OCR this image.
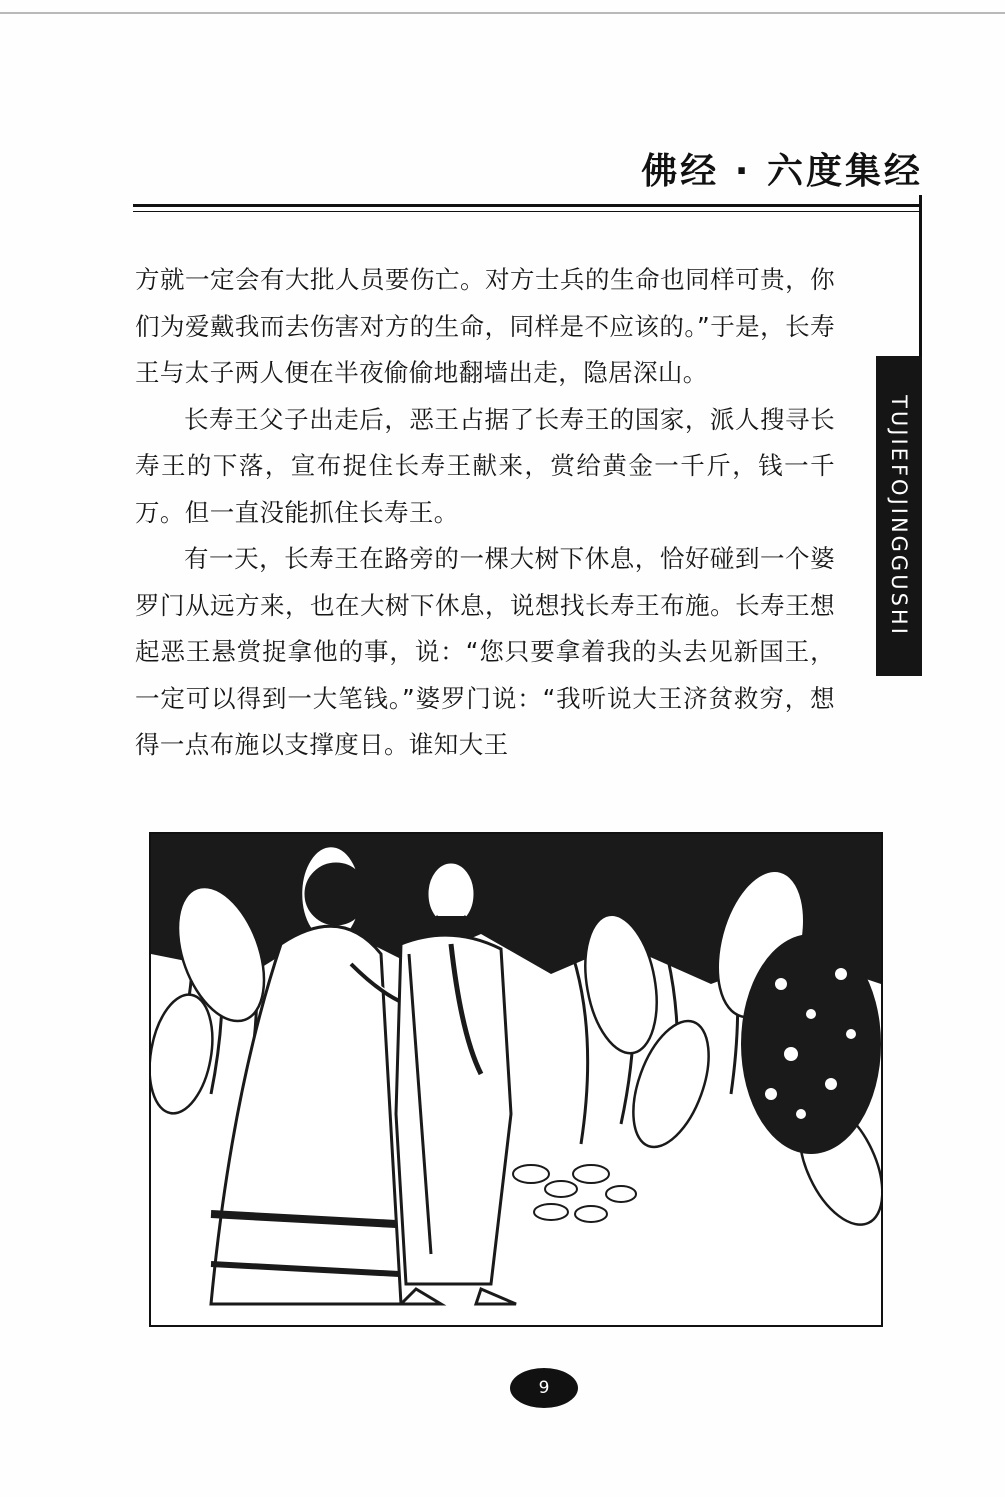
佛经 · 六度集经
TUJIEFOJINGGUSHI

方就一定会有大批人员要伤亡。对方士兵的生命也同样可贵，你们为爱戴我而去伤害对方的生命，同样是不应该的。”于是，长寿王与太子两人便在半夜偷偷地翻墙出走，隐居深山。

长寿王父子出走后，恶王占据了长寿王的国家，派人搜寻长寿王的下落，宣布捉住长寿王献来，赏给黄金一千斤，钱一千万。但一直没能抓住长寿王。

有一天，长寿王在路旁的一棵大树下休息，恰好碰到一个婆罗门从远方来，也在大树下休息，说想找长寿王布施。长寿王想起恶王悬赏捉拿他的事，说：“您只要拿着我的头去见新国王，一定可以得到一大笔钱。”婆罗门说：“我听说大王济贫救穷，想得一点布施以支撑度日。谁知大王

9
